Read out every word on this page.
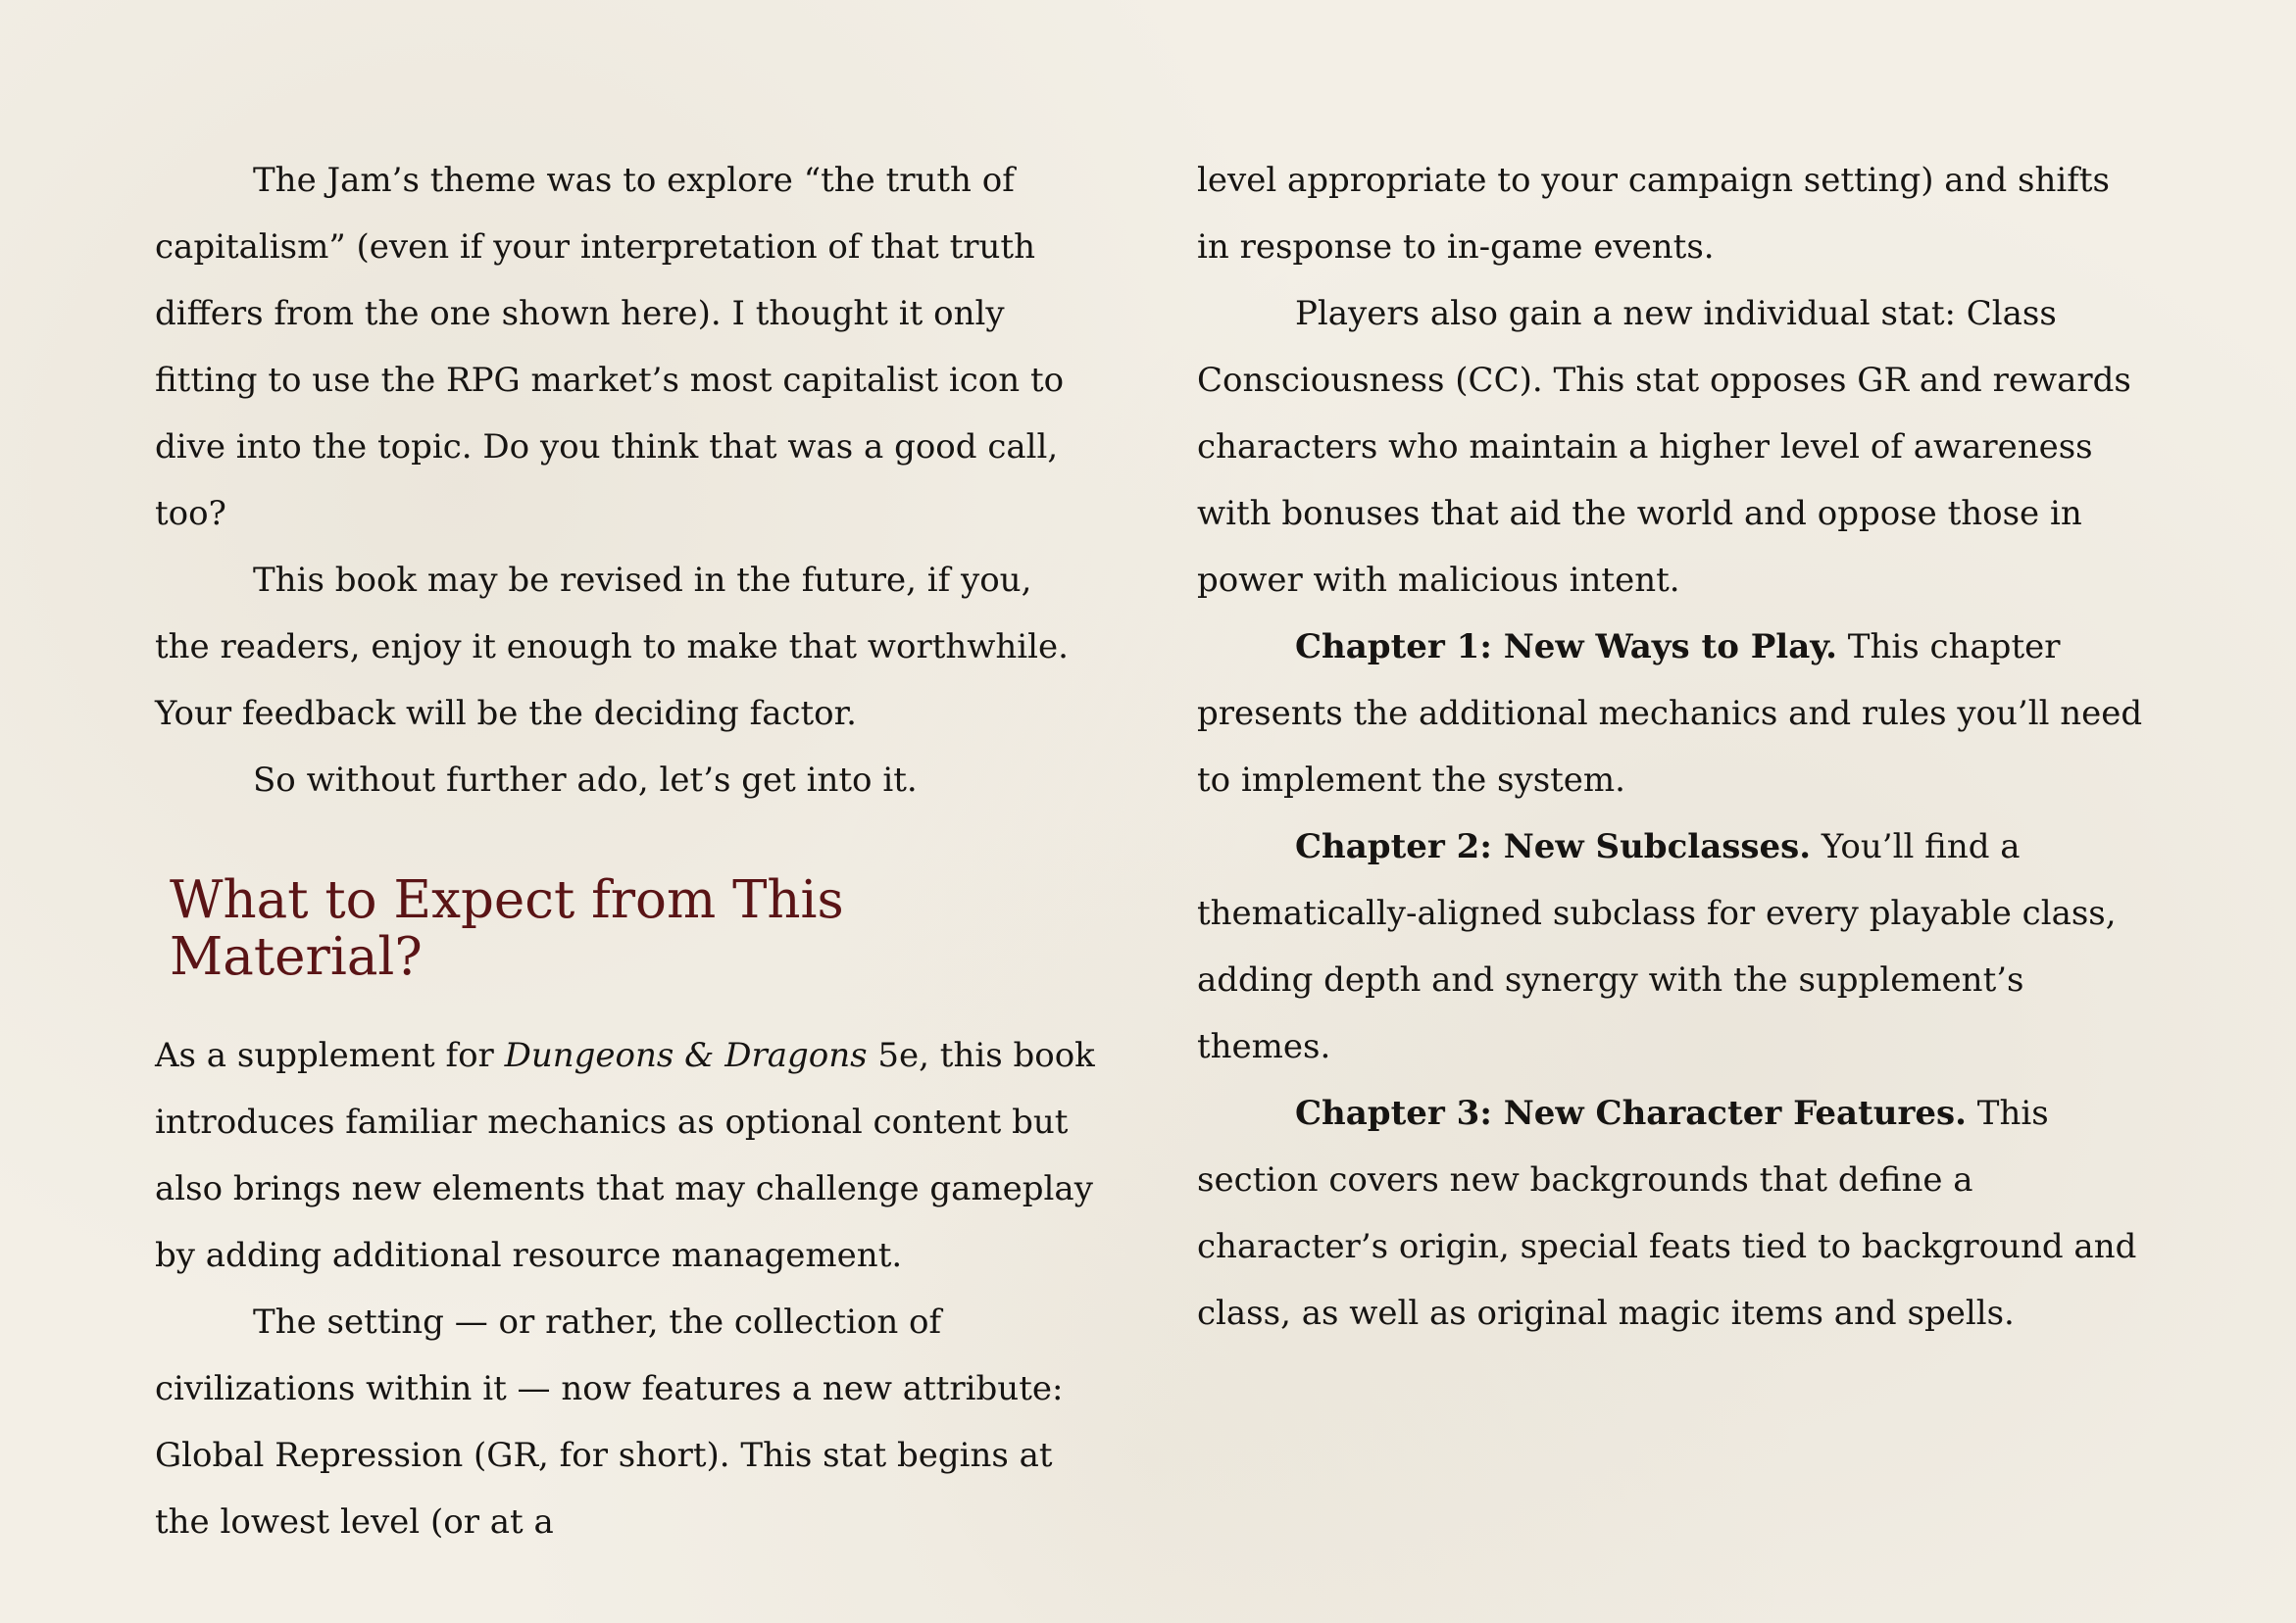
The Jam’s theme was to explore “the truth of capitalism” (even if your interpretation of that truth differs from the one shown here). I thought it only fitting to use the RPG market’s most capitalist icon to dive into the topic. Do you think that was a good call, too?

This book may be revised in the future, if you, the readers, enjoy it enough to make that worthwhile. Your feedback will be the deciding factor.

So without further ado, let’s get into it.

What to Expect from This Material?

As a supplement for Dungeons & Dragons 5e, this book introduces familiar mechanics as optional content but also brings new elements that may challenge gameplay by adding additional resource management.

The setting — or rather, the collection of civilizations within it — now features a new attribute: Global Repression (GR, for short). This stat begins at the lowest level (or at a

level appropriate to your campaign setting) and shifts in response to in-game events.

Players also gain a new individual stat: Class Consciousness (CC). This stat opposes GR and rewards characters who maintain a higher level of awareness with bonuses that aid the world and oppose those in power with malicious intent.

Chapter 1: New Ways to Play. This chapter presents the additional mechanics and rules you’ll need to implement the system.

Chapter 2: New Subclasses. You’ll find a thematically-aligned subclass for every playable class, adding depth and synergy with the supplement’s themes.

Chapter 3: New Character Features. This section covers new backgrounds that define a character’s origin, special feats tied to background and class, as well as original magic items and spells.
